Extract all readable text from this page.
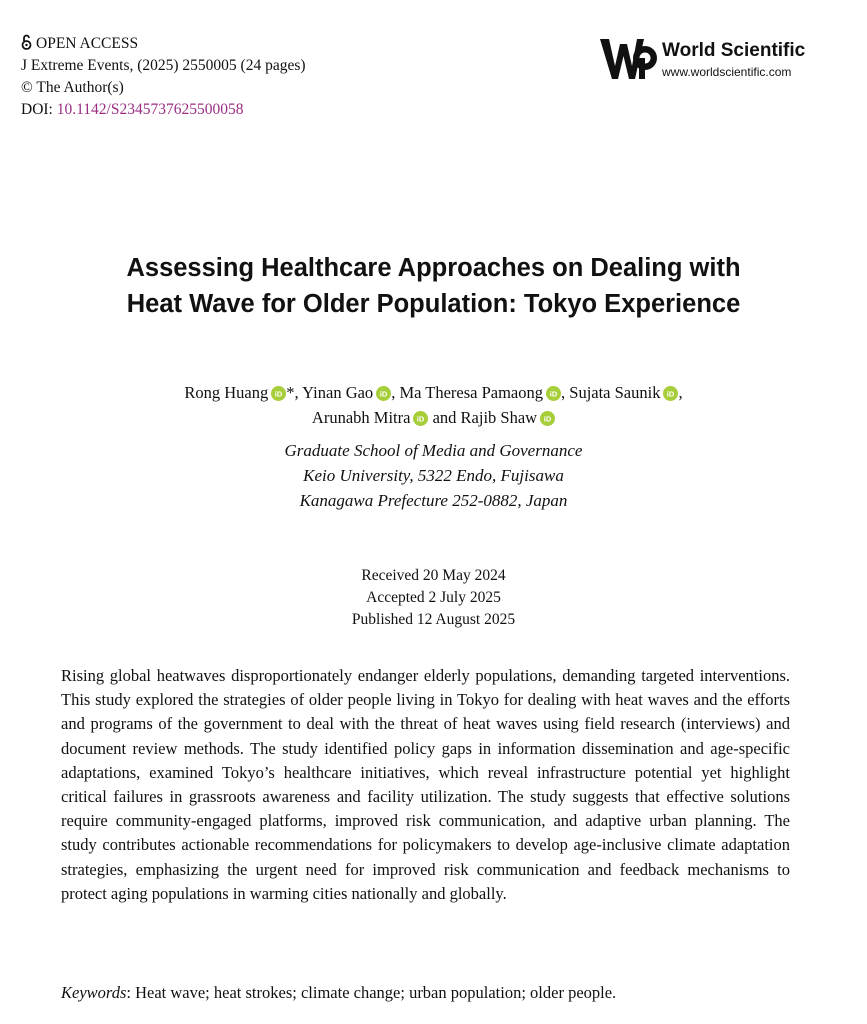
OPEN ACCESS
J Extreme Events, (2025) 2550005 (24 pages)
© The Author(s)
DOI: 10.1142/S2345737625500058
World Scientific
www.worldscientific.com
Assessing Healthcare Approaches on Dealing with
Heat Wave for Older Population: Tokyo Experience
Rong Huang iD *, Yinan Gao iD , Ma Theresa Pamaong iD , Sujata Saunik iD ,
Arunabh Mitra iD and Rajib Shaw iD
Graduate School of Media and Governance
Keio University, 5322 Endo, Fujisawa
Kanagawa Prefecture 252-0882, Japan
Received 20 May 2024
Accepted 2 July 2025
Published 12 August 2025

Rising global heatwaves disproportionately endanger elderly populations, demanding targeted interventions. This study explored the strategies of older people living in Tokyo for dealing with heat waves and the efforts and programs of the government to deal with the threat of heat waves using field research (interviews) and document review methods. The study identified policy gaps in information dissemination and age-specific adaptations, examined Tokyo’s healthcare initiatives, which reveal infrastructure potential yet highlight critical failures in grassroots awareness and facility utilization. The study suggests that effective solutions require community-engaged platforms, improved risk communication, and adaptive urban planning. The study contributes actionable recommendations for policymakers to develop age-inclusive climate adaptation strategies, emphasizing the urgent need for improved risk communication and feedback mechanisms to protect aging populations in warming cities nationally and globally.

Keywords: Heat wave; heat strokes; climate change; urban population; older people.
